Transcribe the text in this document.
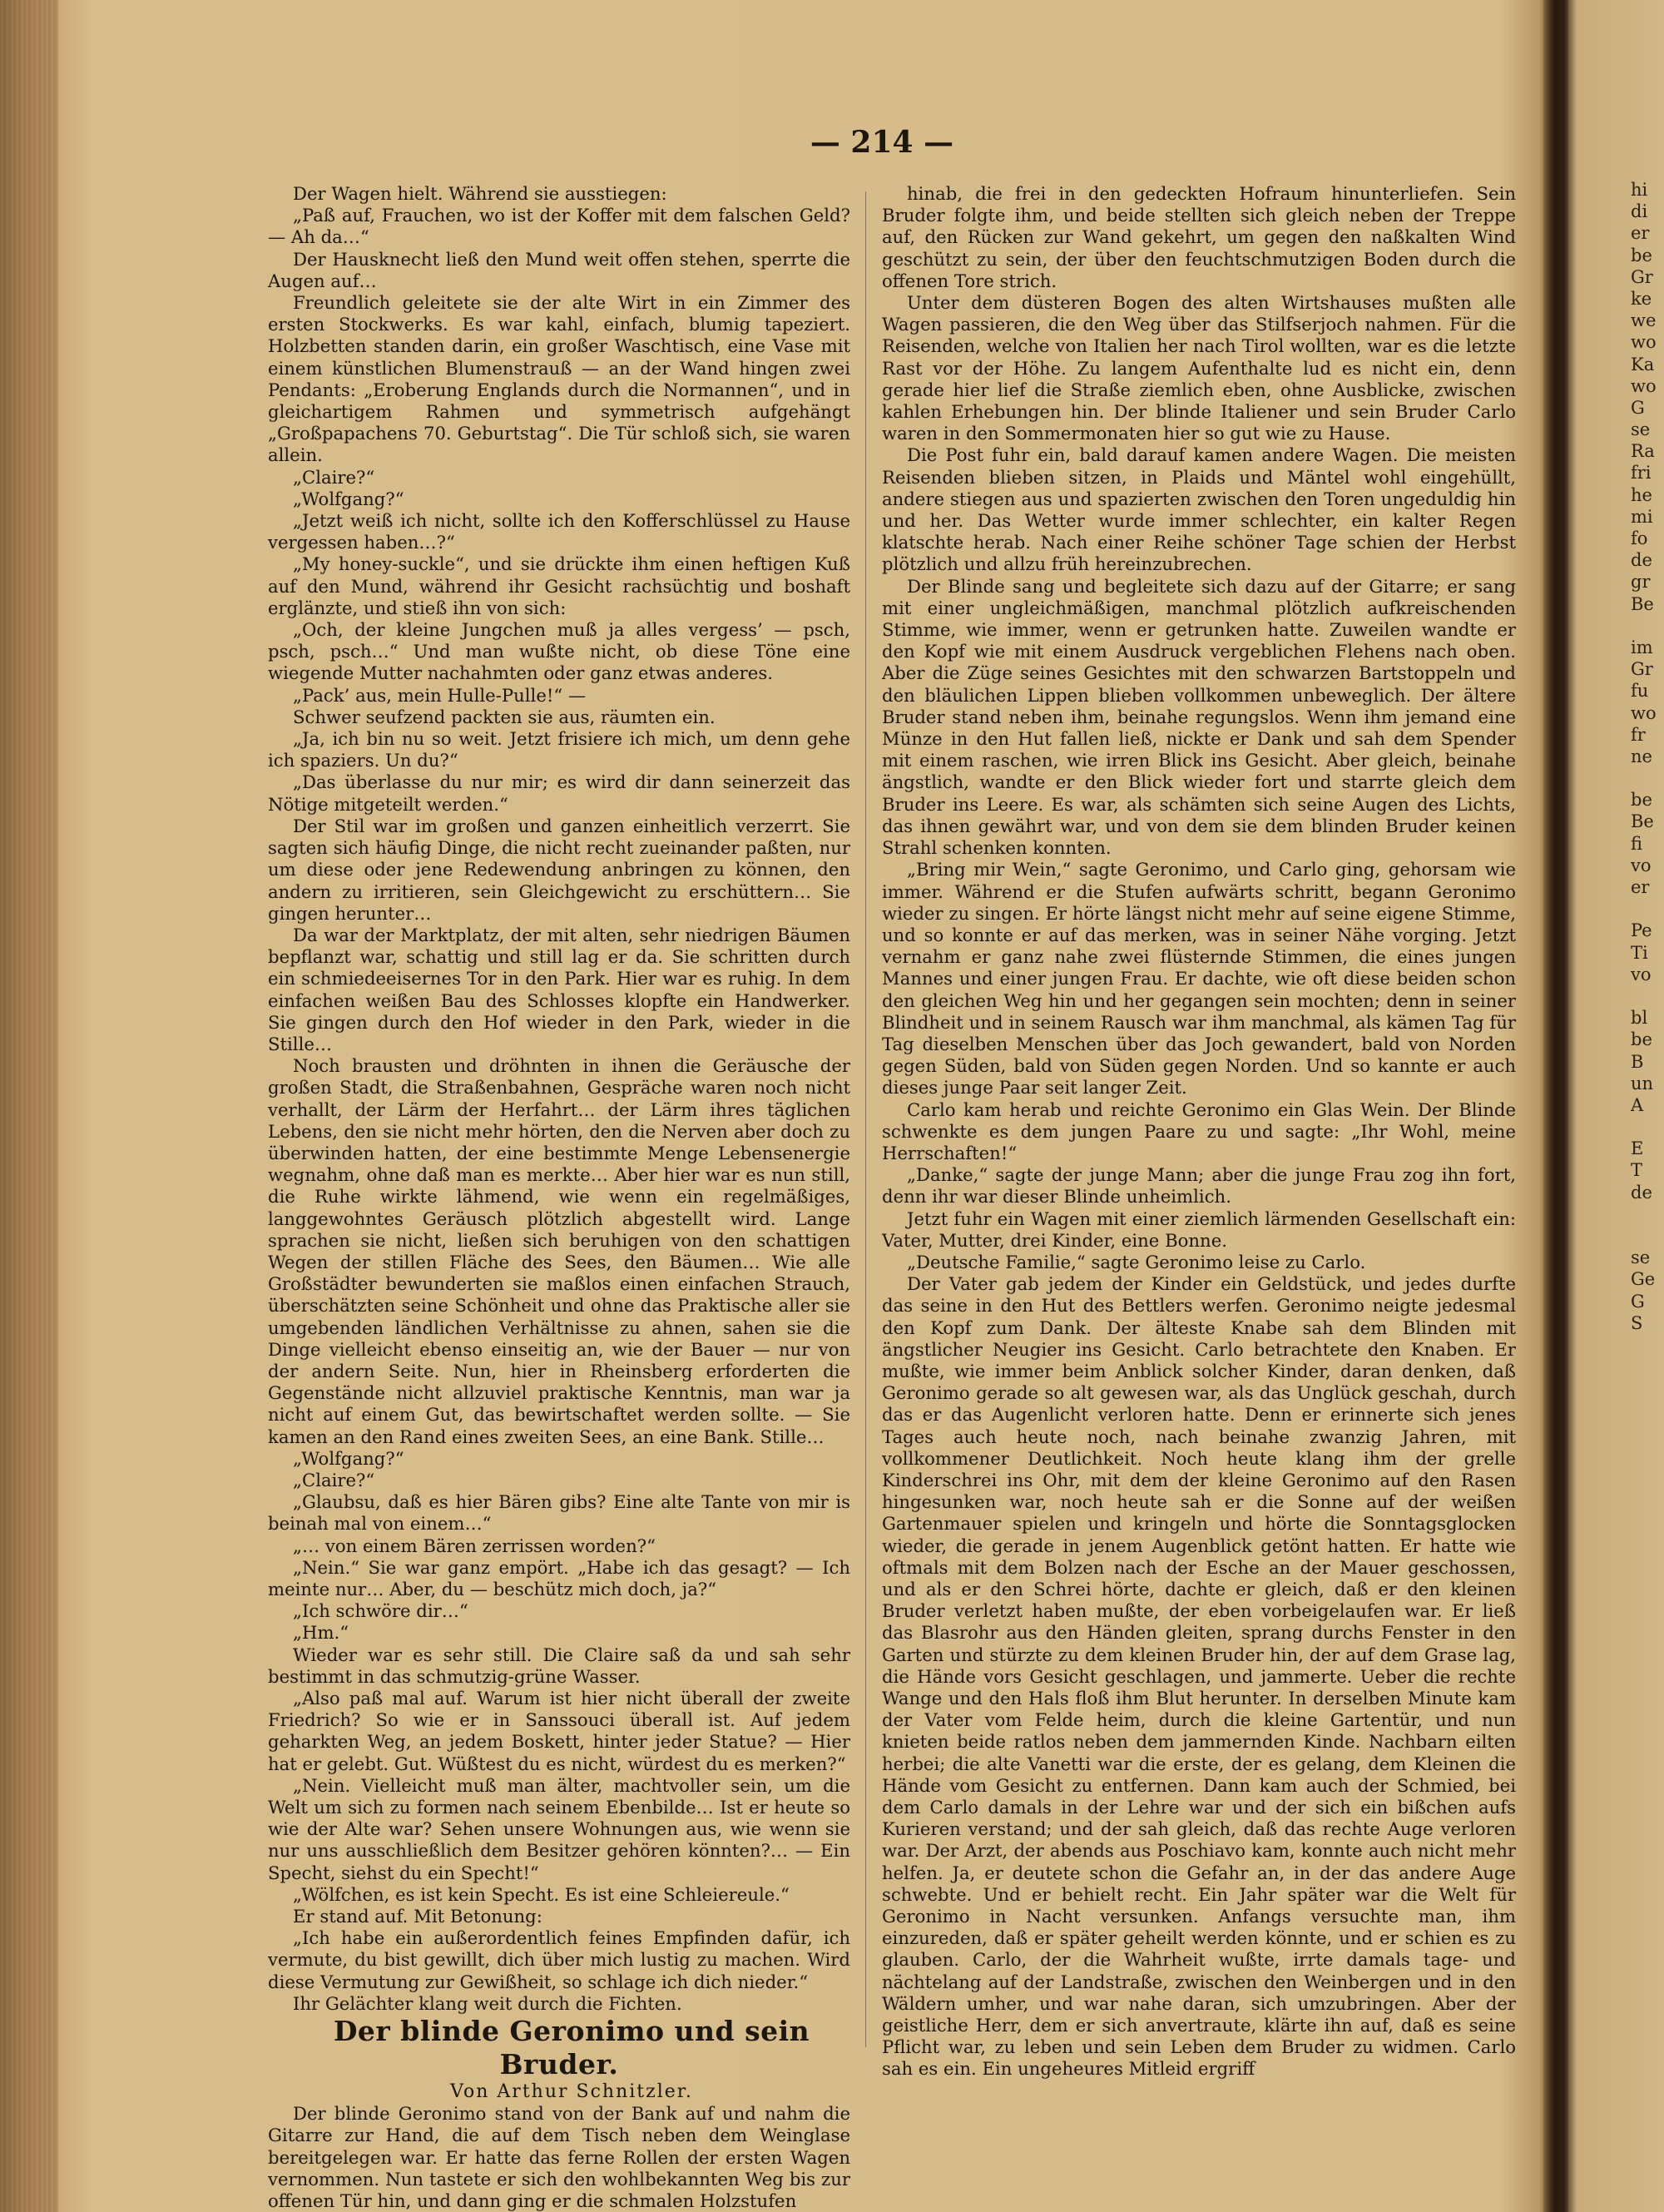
— 214 —

Der Wagen hielt. Während sie ausstiegen:

„Paß auf, Frauchen, wo ist der Koffer mit dem falschen Geld? — Ah da…“

Der Hausknecht ließ den Mund weit offen stehen, sperrte die Augen auf…

Freundlich geleitete sie der alte Wirt in ein Zimmer des ersten Stockwerks. Es war kahl, einfach, blumig tapeziert. Holzbetten standen darin, ein großer Waschtisch, eine Vase mit einem künstlichen Blumenstrauß — an der Wand hingen zwei Pendants: „Eroberung Englands durch die Normannen“, und in gleichartigem Rahmen und symmetrisch aufgehängt „Großpapachens 70. Geburtstag“. Die Tür schloß sich, sie waren allein.

„Claire?“

„Wolfgang?“

„Jetzt weiß ich nicht, sollte ich den Kofferschlüssel zu Hause vergessen haben…?“

„My honey-suckle“, und sie drückte ihm einen heftigen Kuß auf den Mund, während ihr Gesicht rachsüchtig und boshaft erglänzte, und stieß ihn von sich:

„Och, der kleine Jungchen muß ja alles vergess’ — psch, psch, psch…“ Und man wußte nicht, ob diese Töne eine wiegende Mutter nachahmten oder ganz etwas anderes.

„Pack’ aus, mein Hulle-Pulle!“ —

Schwer seufzend packten sie aus, räumten ein.

„Ja, ich bin nu so weit. Jetzt frisiere ich mich, um denn gehe ich spaziers. Un du?“

„Das überlasse du nur mir; es wird dir dann seinerzeit das Nötige mitgeteilt werden.“

Der Stil war im großen und ganzen einheitlich verzerrt. Sie sagten sich häufig Dinge, die nicht recht zueinander paßten, nur um diese oder jene Redewendung anbringen zu können, den andern zu irritieren, sein Gleichgewicht zu erschüttern… Sie gingen herunter…

Da war der Marktplatz, der mit alten, sehr niedrigen Bäumen bepflanzt war, schattig und still lag er da. Sie schritten durch ein schmiedeeisernes Tor in den Park. Hier war es ruhig. In dem einfachen weißen Bau des Schlosses klopfte ein Handwerker. Sie gingen durch den Hof wieder in den Park, wieder in die Stille…

Noch brausten und dröhnten in ihnen die Geräusche der großen Stadt, die Straßenbahnen, Gespräche waren noch nicht verhallt, der Lärm der Herfahrt… der Lärm ihres täglichen Lebens, den sie nicht mehr hörten, den die Nerven aber doch zu überwinden hatten, der eine bestimmte Menge Lebensenergie wegnahm, ohne daß man es merkte… Aber hier war es nun still, die Ruhe wirkte lähmend, wie wenn ein regelmäßiges, langgewohntes Geräusch plötzlich abgestellt wird. Lange sprachen sie nicht, ließen sich beruhigen von den schattigen Wegen der stillen Fläche des Sees, den Bäumen… Wie alle Großstädter bewunderten sie maßlos einen einfachen Strauch, überschätzten seine Schönheit und ohne das Praktische aller sie umgebenden ländlichen Verhältnisse zu ahnen, sahen sie die Dinge vielleicht ebenso einseitig an, wie der Bauer — nur von der andern Seite. Nun, hier in Rheinsberg erforderten die Gegenstände nicht allzuviel praktische Kenntnis, man war ja nicht auf einem Gut, das bewirtschaftet werden sollte. — Sie kamen an den Rand eines zweiten Sees, an eine Bank. Stille…

„Wolfgang?“

„Claire?“

„Glaubsu, daß es hier Bären gibs? Eine alte Tante von mir is beinah mal von einem…“

„… von einem Bären zerrissen worden?“

„Nein.“ Sie war ganz empört. „Habe ich das gesagt? — Ich meinte nur… Aber, du — beschütz mich doch, ja?“

„Ich schwöre dir…“

„Hm.“

Wieder war es sehr still. Die Claire saß da und sah sehr bestimmt in das schmutzig-grüne Wasser.

„Also paß mal auf. Warum ist hier nicht überall der zweite Friedrich? So wie er in Sanssouci überall ist. Auf jedem geharkten Weg, an jedem Boskett, hinter jeder Statue? — Hier hat er gelebt. Gut. Wüßtest du es nicht, würdest du es merken?“

„Nein. Vielleicht muß man älter, machtvoller sein, um die Welt um sich zu formen nach seinem Ebenbilde… Ist er heute so wie der Alte war? Sehen unsere Wohnungen aus, wie wenn sie nur uns ausschließlich dem Besitzer gehören könnten?… — Ein Specht, siehst du ein Specht!“

„Wölfchen, es ist kein Specht. Es ist eine Schleiereule.“

Er stand auf. Mit Betonung:

„Ich habe ein außerordentlich feines Empfinden dafür, ich vermute, du bist gewillt, dich über mich lustig zu machen. Wird diese Vermutung zur Gewißheit, so schlage ich dich nieder.“

Ihr Gelächter klang weit durch die Fichten.

Der blinde Geronimo und sein Bruder.

Von Arthur Schnitzler.

Der blinde Geronimo stand von der Bank auf und nahm die Gitarre zur Hand, die auf dem Tisch neben dem Weinglase bereitgelegen war. Er hatte das ferne Rollen der ersten Wagen vernommen. Nun tastete er sich den wohlbekannten Weg bis zur offenen Tür hin, und dann ging er die schmalen Holzstufen

hinab, die frei in den gedeckten Hofraum hinunterliefen. Sein Bruder folgte ihm, und beide stellten sich gleich neben der Treppe auf, den Rücken zur Wand gekehrt, um gegen den naßkalten Wind geschützt zu sein, der über den feuchtschmutzigen Boden durch die offenen Tore strich.

Unter dem düsteren Bogen des alten Wirtshauses mußten alle Wagen passieren, die den Weg über das Stilfserjoch nahmen. Für die Reisenden, welche von Italien her nach Tirol wollten, war es die letzte Rast vor der Höhe. Zu langem Aufenthalte lud es nicht ein, denn gerade hier lief die Straße ziemlich eben, ohne Ausblicke, zwischen kahlen Erhebungen hin. Der blinde Italiener und sein Bruder Carlo waren in den Sommermonaten hier so gut wie zu Hause.

Die Post fuhr ein, bald darauf kamen andere Wagen. Die meisten Reisenden blieben sitzen, in Plaids und Mäntel wohl eingehüllt, andere stiegen aus und spazierten zwischen den Toren ungeduldig hin und her. Das Wetter wurde immer schlechter, ein kalter Regen klatschte herab. Nach einer Reihe schöner Tage schien der Herbst plötzlich und allzu früh hereinzubrechen.

Der Blinde sang und begleitete sich dazu auf der Gitarre; er sang mit einer ungleichmäßigen, manchmal plötzlich aufkreischenden Stimme, wie immer, wenn er getrunken hatte. Zuweilen wandte er den Kopf wie mit einem Ausdruck vergeblichen Flehens nach oben. Aber die Züge seines Gesichtes mit den schwarzen Bartstoppeln und den bläulichen Lippen blieben vollkommen unbeweglich. Der ältere Bruder stand neben ihm, beinahe regungslos. Wenn ihm jemand eine Münze in den Hut fallen ließ, nickte er Dank und sah dem Spender mit einem raschen, wie irren Blick ins Gesicht. Aber gleich, beinahe ängstlich, wandte er den Blick wieder fort und starrte gleich dem Bruder ins Leere. Es war, als schämten sich seine Augen des Lichts, das ihnen gewährt war, und von dem sie dem blinden Bruder keinen Strahl schenken konnten.

„Bring mir Wein,“ sagte Geronimo, und Carlo ging, gehorsam wie immer. Während er die Stufen aufwärts schritt, begann Geronimo wieder zu singen. Er hörte längst nicht mehr auf seine eigene Stimme, und so konnte er auf das merken, was in seiner Nähe vorging. Jetzt vernahm er ganz nahe zwei flüsternde Stimmen, die eines jungen Mannes und einer jungen Frau. Er dachte, wie oft diese beiden schon den gleichen Weg hin und her gegangen sein mochten; denn in seiner Blindheit und in seinem Rausch war ihm manchmal, als kämen Tag für Tag dieselben Menschen über das Joch gewandert, bald von Norden gegen Süden, bald von Süden gegen Norden. Und so kannte er auch dieses junge Paar seit langer Zeit.

Carlo kam herab und reichte Geronimo ein Glas Wein. Der Blinde schwenkte es dem jungen Paare zu und sagte: „Ihr Wohl, meine Herrschaften!“

„Danke,“ sagte der junge Mann; aber die junge Frau zog ihn fort, denn ihr war dieser Blinde unheimlich.

Jetzt fuhr ein Wagen mit einer ziemlich lärmenden Gesellschaft ein: Vater, Mutter, drei Kinder, eine Bonne.

„Deutsche Familie,“ sagte Geronimo leise zu Carlo.

Der Vater gab jedem der Kinder ein Geldstück, und jedes durfte das seine in den Hut des Bettlers werfen. Geronimo neigte jedesmal den Kopf zum Dank. Der älteste Knabe sah dem Blinden mit ängstlicher Neugier ins Gesicht. Carlo betrachtete den Knaben. Er mußte, wie immer beim Anblick solcher Kinder, daran denken, daß Geronimo gerade so alt gewesen war, als das Unglück geschah, durch das er das Augenlicht verloren hatte. Denn er erinnerte sich jenes Tages auch heute noch, nach beinahe zwanzig Jahren, mit vollkommener Deutlichkeit. Noch heute klang ihm der grelle Kinderschrei ins Ohr, mit dem der kleine Geronimo auf den Rasen hingesunken war, noch heute sah er die Sonne auf der weißen Gartenmauer spielen und kringeln und hörte die Sonntagsglocken wieder, die gerade in jenem Augenblick getönt hatten. Er hatte wie oftmals mit dem Bolzen nach der Esche an der Mauer geschossen, und als er den Schrei hörte, dachte er gleich, daß er den kleinen Bruder verletzt haben mußte, der eben vorbeigelaufen war. Er ließ das Blasrohr aus den Händen gleiten, sprang durchs Fenster in den Garten und stürzte zu dem kleinen Bruder hin, der auf dem Grase lag, die Hände vors Gesicht geschlagen, und jammerte. Ueber die rechte Wange und den Hals floß ihm Blut herunter. In derselben Minute kam der Vater vom Felde heim, durch die kleine Gartentür, und nun knieten beide ratlos neben dem jammernden Kinde. Nachbarn eilten herbei; die alte Vanetti war die erste, der es gelang, dem Kleinen die Hände vom Gesicht zu entfernen. Dann kam auch der Schmied, bei dem Carlo damals in der Lehre war und der sich ein bißchen aufs Kurieren verstand; und der sah gleich, daß das rechte Auge verloren war. Der Arzt, der abends aus Poschiavo kam, konnte auch nicht mehr helfen. Ja, er deutete schon die Gefahr an, in der das andere Auge schwebte. Und er behielt recht. Ein Jahr später war die Welt für Geronimo in Nacht versunken. Anfangs versuchte man, ihm einzureden, daß er später geheilt werden könnte, und er schien es zu glauben. Carlo, der die Wahrheit wußte, irrte damals tage- und nächtelang auf der Landstraße, zwischen den Weinbergen und in den Wäldern umher, und war nahe daran, sich umzubringen. Aber der geistliche Herr, dem er sich anvertraute, klärte ihn auf, daß es seine Pflicht war, zu leben und sein Leben dem Bruder zu widmen. Carlo sah es ein. Ein ungeheures Mitleid ergriff

hi
di
er
be
Gr
ke
we
wo
Ka
wo
G
se
Ra
fri
he
mi
fo
de
gr
Be
im
Gr
fu
wo
fr
ne
be
Be
fi
vo
er
Pe
Ti
vo
bl
be
B
un
A
E
T
de
se
Ge
G
S
